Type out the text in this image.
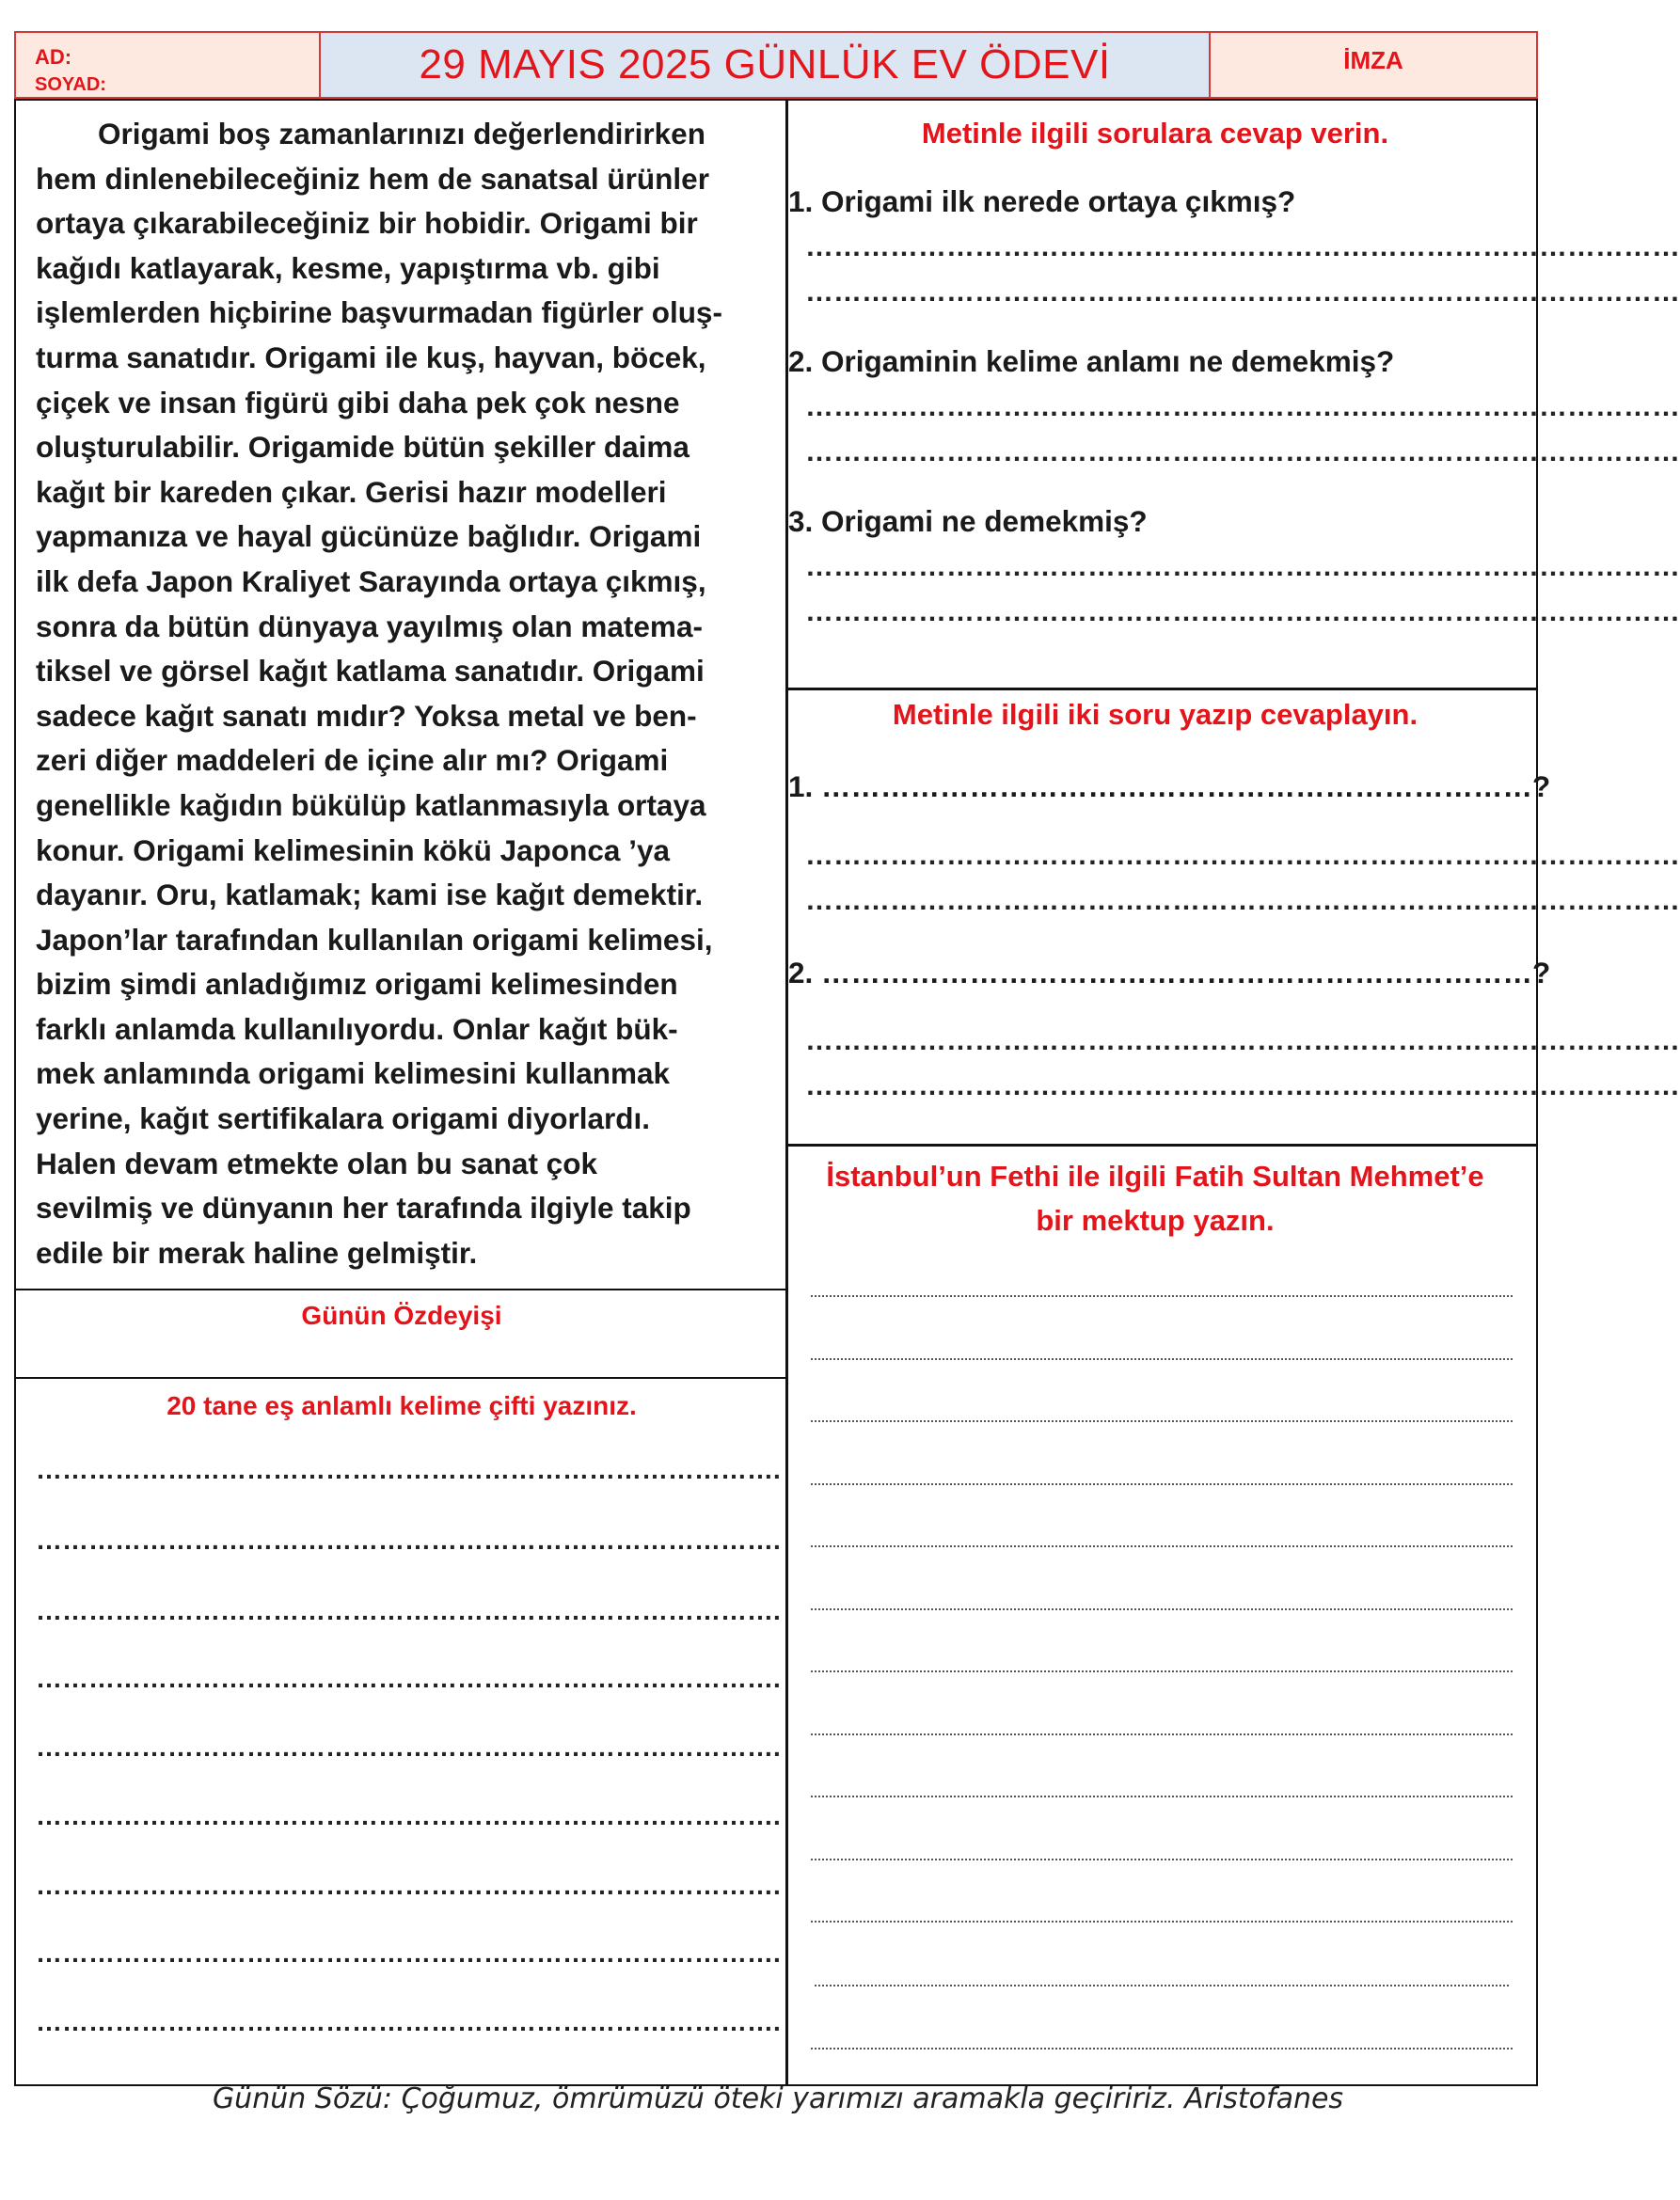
AD:
SOYAD:	29 MAYIS 2025 GÜNLÜK EV ÖDEVİ	İMZA
Origami boş zamanlarınızı değerlendirirken
hem dinlenebileceğiniz hem de sanatsal ürünler
ortaya çıkarabileceğiniz bir hobidir. Origami bir
kağıdı katlayarak, kesme, yapıştırma vb. gibi
işlemlerden hiçbirine başvurmadan figürler oluş-
turma sanatıdır. Origami ile kuş, hayvan, böcek,
çiçek ve insan figürü gibi daha pek çok nesne
oluşturulabilir. Origamide bütün şekiller daima
kağıt bir kareden çıkar. Gerisi hazır modelleri
yapmanıza ve hayal gücünüze bağlıdır. Origami
ilk defa Japon Kraliyet Sarayında ortaya çıkmış,
sonra da bütün dünyaya yayılmış olan matema-
tiksel ve görsel kağıt katlama sanatıdır. Origami
sadece kağıt sanatı mıdır? Yoksa metal ve ben-
zeri diğer maddeleri de içine alır mı? Origami
genellikle kağıdın bükülüp katlanmasıyla ortaya
konur. Origami kelimesinin kökü Japonca ’ya
dayanır. Oru, katlamak; kami ise kağıt demektir.
Japon’lar tarafından kullanılan origami kelimesi,
bizim şimdi anladığımız origami kelimesinden
farklı anlamda kullanılıyordu. Onlar kağıt bük-
mek anlamında origami kelimesini kullanmak
yerine, kağıt sertifikalara origami diyorlardı.
Halen devam etmekte olan bu sanat çok
sevilmiş ve dünyanın her tarafında ilgiyle takip
edile bir merak haline gelmiştir.
Günün Özdeyişi
20 tane eş anlamlı kelime çifti yazınız.
………………………………………………………………………….
………………………………………………………………………….
………………………………………………………………………….
………………………………………………………………………….
………………………………………………………………………….
………………………………………………………………………….
………………………………………………………………………….
………………………………………………………………………….
………………………………………………………………………….
Metinle ilgili sorulara cevap verin.
1. Origami ilk nerede ortaya çıkmış?
…………………………………………………………………………………
…………………………………………………………………………………
2. Origaminin kelime anlamı ne demekmiş?
…………………………………………………………………………………
…………………………………………………………………………………
3. Origami ne demekmiş?
…………………………………………………………………………………
…………………………………………………………………………………
Metinle ilgili iki soru yazıp cevaplayın.
1. ………………………………………………………………?
…………………………………………………………………………………
…………………………………………………………………………………
2. ………………………………………………………………?
…………………………………………………………………………………
…………………………………………………………………………………
İstanbul’un Fethi ile ilgili Fatih Sultan Mehmet’e
bir mektup yazın.
Günün Sözü: Çoğumuz, ömrümüzü öteki yarımızı aramakla geçiririz. Aristofanes
